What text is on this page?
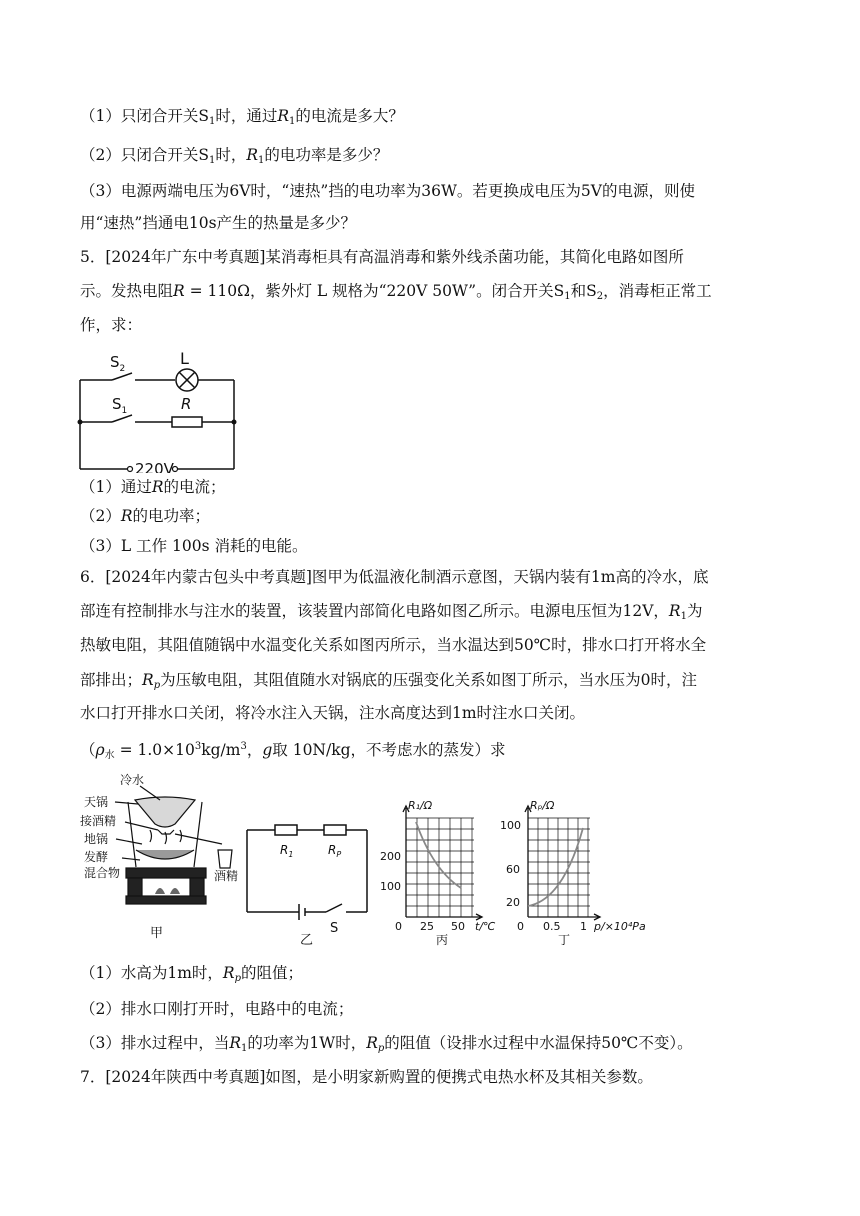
（1）只闭合开关$S_1$时，通过$R_1$的电流是多大？
（2）只闭合开关$S_1$时，$R_1$的电功率是多少？
（3）电源两端电压为6V时，“速热”挡的电功率为36W。若更换成电压为5V的电源，则使
用“速热”挡通电10s产生的热量是多少？
5．[2024年广东中考真题]某消毒柜具有高温消毒和紫外线杀菌功能，其简化电路如图所
示。发热电阻R = 110Ω，紫外灯 L 规格为“220V 50W”。闭合开关$S_1$和$S_2$，消毒柜正常工
作，求：
$S_2$
L
$S_1$	R
220V
（1）通过R的电流；
（2）R的电功率；
（3）L 工作 100s 消耗的电能。
6．[2024年内蒙古包头中考真题]图甲为低温液化制酒示意图，天锅内装有1m高的冷水，底
部连有控制排水与注水的装置，该装置内部简化电路如图乙所示。电源电压恒为12V，$R_1$为
热敏电阻，其阻值随锅中水温变化关系如图丙所示，当水温达到50℃时，排水口打开将水全
部排出；$R_p$为压敏电阻，其阻值随水对锅底的压强变化关系如图丁所示，当水压为0时，注
水口打开排水口关闭，将冷水注入天锅，注水高度达到1m时注水口关闭。
（$\rho_水 = 1.0\times 10^3kg/m^3$，g取 10N/kg，不考虑水的蒸发）求
冷水
天锅
接酒精
地锅
发酵
混合物	酒精
甲
$R_1$	$R_P$
S
乙
R₁/Ω
200
100
0 25 50 t/℃
丙
Rₚ/Ω
100
60
20
0 0.5 1 p/×10⁴Pa
丁
（1）水高为1m时，$R_p$的阻值；
（2）排水口刚打开时，电路中的电流；
（3）排水过程中，当$R_1$的功率为1W时，$R_p$的阻值（设排水过程中水温保持50℃不变）。
7．[2024年陕西中考真题]如图，是小明家新购置的便携式电热水杯及其相关参数。
